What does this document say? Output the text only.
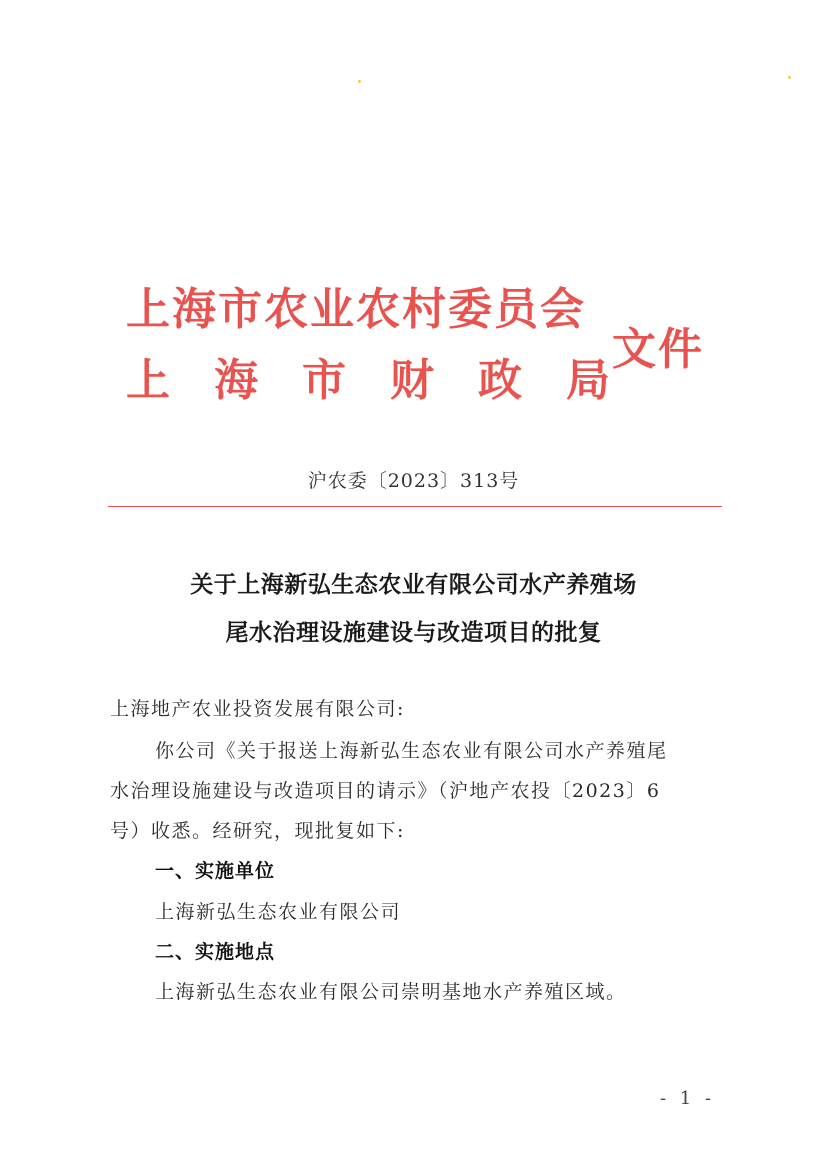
上海市农业农村委员会
上海市财政局
文件
沪农委〔2023〕313号
关于上海新弘生态农业有限公司水产养殖场
尾水治理设施建设与改造项目的批复
上海地产农业投资发展有限公司:
你公司《关于报送上海新弘生态农业有限公司水产养殖尾
水治理设施建设与改造项目的请示》（沪地产农投〔2023〕6
号）收悉。经研究，现批复如下:
一、实施单位
上海新弘生态农业有限公司
二、实施地点
上海新弘生态农业有限公司崇明基地水产养殖区域。
- 1 -
